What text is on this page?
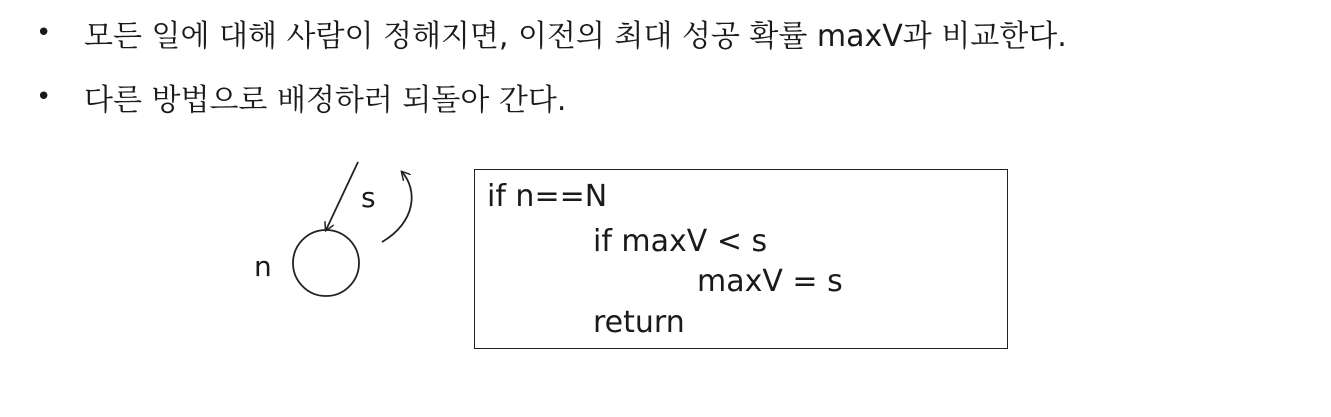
•	모든 일에 대해 사람이 정해지면, 이전의 최대 성공 확률 maxV과 비교한다.
•	다른 방법으로 배정하러 되돌아 간다.
n
s	if n==N
if maxV < s
maxV = s
return
